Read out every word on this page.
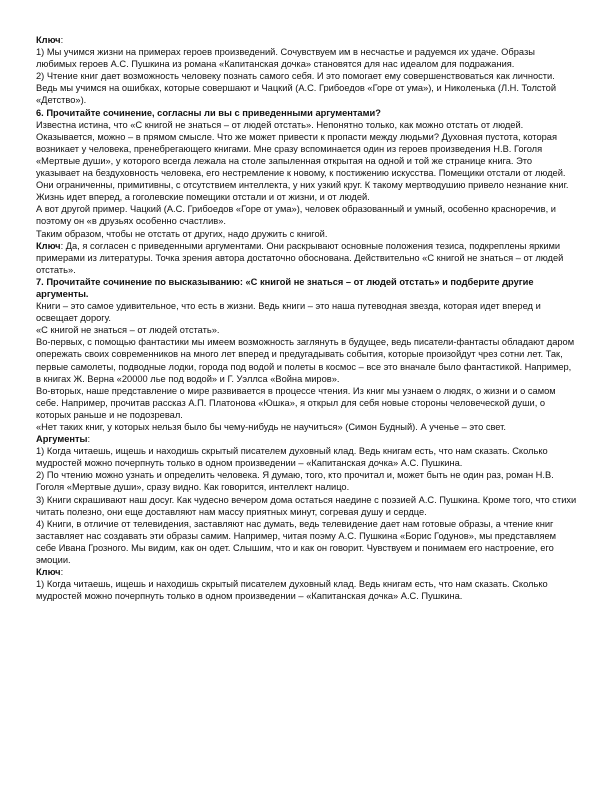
Ключ:

1) Мы учимся жизни на примерах героев произведений. Сочувствуем им в несчастье и радуемся их удаче. Образы любимых героев А.С. Пушкина из романа «Капитанская дочка» становятся для нас идеалом для подражания.

2) Чтение книг дает возможность человеку познать самого себя. И это помогает ему совершенствоваться как личности. Ведь мы учимся на ошибках, которые совершают и Чацкий (А.С. Грибоедов «Горе от ума»), и Николенька (Л.Н. Толстой «Детство»).

6. Прочитайте сочинение, согласны ли вы с приведенными аргументами?

Известна истина, что «С книгой не знаться – от людей отстать». Непонятно только, как можно отстать от людей. Оказывается, можно – в прямом смысле. Что же может привести к пропасти между людьми? Духовная пустота, которая возникает у человека, пренебрегающего книгами. Мне сразу вспоминается один из героев произведения Н.В. Гоголя «Мертвые души», у которого всегда лежала на столе запыленная открытая на одной и той же странице книга. Это указывает на бездуховность человека, его нестремление к новому, к постижению искусства. Помещики отстали от людей. Они ограниченны, примитивны, с отсутствием интеллекта, у них узкий круг. К такому мертводушию привело незнание книг. Жизнь идет вперед, а гоголевские помещики отстали и от жизни, и от людей.

А вот другой пример. Чацкий (А.С. Грибоедов «Горе от ума»), человек образованный и умный, особенно красноречив, и поэтому он «в друзьях особенно счастлив».

Таким образом, чтобы не отстать от других, надо дружить с книгой.

Ключ: Да, я согласен с приведенными аргументами. Они раскрывают основные положения тезиса, подкреплены яркими примерами из литературы. Точка зрения автора достаточно обоснована. Действительно «С книгой не знаться – от людей отстать».

7. Прочитайте сочинение по высказыванию: «С книгой не знаться – от людей отстать» и подберите другие аргументы.

Книги – это самое удивительное, что есть в жизни. Ведь книги – это наша путеводная звезда, которая идет вперед и освещает дорогу.

«С книгой не знаться – от людей отстать».

Во-первых, с помощью фантастики мы имеем возможность заглянуть в будущее, ведь писатели-фантасты обладают даром опережать своих современников на много лет вперед и предугадывать события, которые произойдут чрез сотни лет. Так, первые самолеты, подводные лодки, города под водой и полеты в космос – все это вначале было фантастикой. Например, в книгах Ж. Верна «20000 лье под водой» и Г. Уэллса «Война миров».

Во-вторых, наше представление о мире развивается в процессе чтения. Из книг мы узнаем о людях, о жизни и о самом себе. Например, прочитав рассказ А.П. Платонова «Юшка», я открыл для себя новые стороны человеческой души, о которых раньше и не подозревал.

«Нет таких книг, у которых нельзя было бы чему-нибудь не научиться» (Симон Будный). А ученье – это свет.

Аргументы:

1) Когда читаешь, ищешь и находишь скрытый писателем духовный клад. Ведь книгам есть, что нам сказать. Сколько мудростей можно почерпнуть только в одном произведении – «Капитанская дочка» А.С. Пушкина.

2) По чтению можно узнать и определить человека. Я думаю, того, кто прочитал и, может быть не один раз, роман Н.В. Гоголя «Мертвые души», сразу видно. Как говорится, интеллект налицо.

3) Книги скрашивают наш досуг. Как чудесно вечером дома остаться наедине с поэзией А.С. Пушкина. Кроме того, что стихи читать полезно, они еще доставляют нам массу приятных минут, согревая душу и сердце.

4) Книги, в отличие от телевидения, заставляют нас думать, ведь телевидение дает нам готовые образы, а чтение книг заставляет нас создавать эти образы самим. Например, читая поэму А.С. Пушкина «Борис Годунов», мы представляем себе Ивана Грозного. Мы видим, как он одет. Слышим, что и как он говорит. Чувствуем и понимаем его настроение, его эмоции.

Ключ:

1) Когда читаешь, ищешь и находишь скрытый писателем духовный клад. Ведь книгам есть, что нам сказать. Сколько мудростей можно почерпнуть только в одном произведении – «Капитанская дочка» А.С. Пушкина.
